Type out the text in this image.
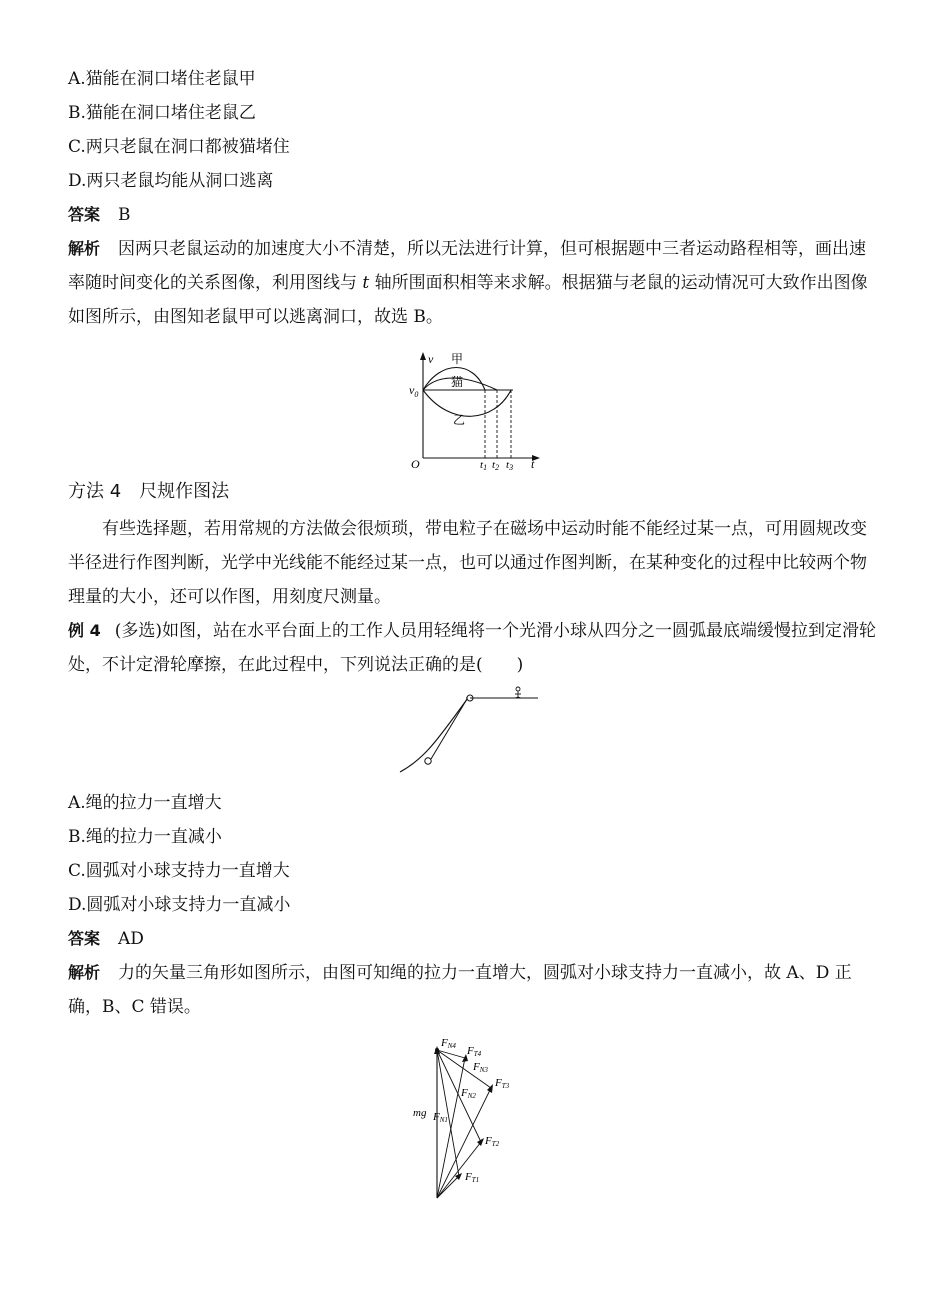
A.猫能在洞口堵住老鼠甲
B.猫能在洞口堵住老鼠乙
C.两只老鼠在洞口都被猫堵住
D.两只老鼠均能从洞口逃离
答案 B
解析 因两只老鼠运动的加速度大小不清楚，所以无法进行计算，但可根据题中三者运动路程相等，画出速率随时间变化的关系图像，利用图线与 t 轴所围面积相等来求解。根据猫与老鼠的运动情况可大致作出图像如图所示，由图知老鼠甲可以逃离洞口，故选 B。
v
$v_0$
甲
猫
乙
O	t
t1 t2 t3
方法 4 尺规作图法
有些选择题，若用常规的方法做会很烦琐，带电粒子在磁场中运动时能不能经过某一点，可用圆规改变半径进行作图判断，光学中光线能不能经过某一点，也可以通过作图判断，在某种变化的过程中比较两个物理量的大小，还可以作图，用刻度尺测量。
例 4 (多选)如图，站在水平台面上的工作人员用轻绳将一个光滑小球从四分之一圆弧最底端缓慢拉到定滑轮处，不计定滑轮摩擦，在此过程中，下列说法正确的是(　　)
A.绳的拉力一直增大
B.绳的拉力一直减小
C.圆弧对小球支持力一直增大
D.圆弧对小球支持力一直减小
答案 AD
解析 力的矢量三角形如图所示，由图可知绳的拉力一直增大，圆弧对小球支持力一直减小，故 A、D 正确，B、C 错误。
mg
FN4 FT4
FN3
FT3
FN2
FN1
FT2
FT1
